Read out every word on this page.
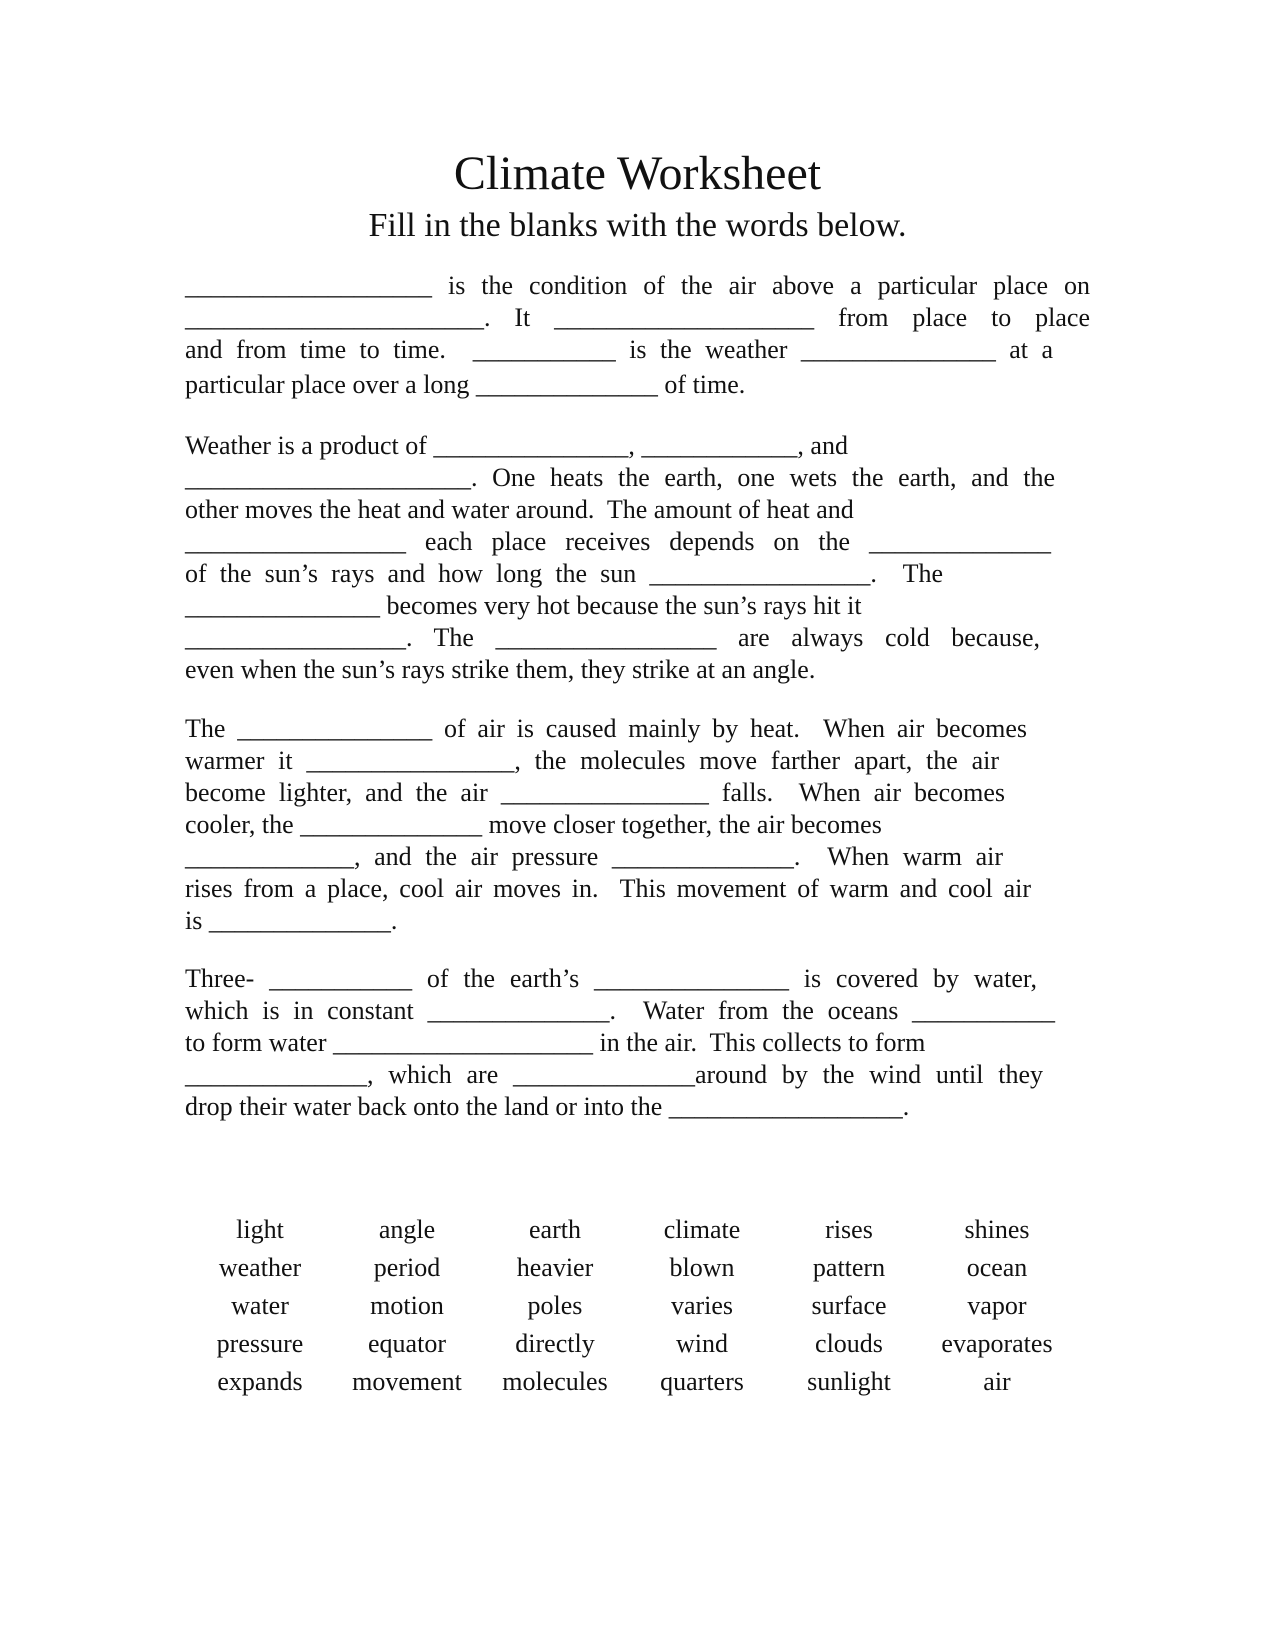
Climate Worksheet
Fill in the blanks with the words below.

___________________ is the condition of the air above a particular place on

_______________________. It ____________________ from place to place

and from time to time.  ___________ is the weather _______________ at a

particular place over a long ______________ of time.

Weather is a product of _______________, ____________, and

______________________. One heats the earth, one wets the earth, and the

other moves the heat and water around.  The amount of heat and

_________________ each place receives depends on the ______________

of the sun’s rays and how long the sun _________________.  The

_______________ becomes very hot because the sun’s rays hit it

_________________. The _________________ are always cold because,

even when the sun’s rays strike them, they strike at an angle.

The _______________ of air is caused mainly by heat.  When air becomes

warmer it ________________, the molecules move farther apart, the air

become lighter, and the air ________________ falls.  When air becomes

cooler, the ______________ move closer together, the air becomes

_____________, and the air pressure ______________.  When warm air

rises from a place, cool air moves in.  This movement of warm and cool air

is ______________.

Three- ___________ of the earth’s _______________ is covered by water,

which is in constant ______________.  Water from the oceans ___________

to form water ____________________ in the air.  This collects to form

______________, which are ______________around by the wind until they

drop their water back onto the land or into the __________________.

light	angle	earth	climate	rises	shines
weather	period	heavier	blown	pattern	ocean
water	motion	poles	varies	surface	vapor
pressure	equator	directly	wind	clouds	evaporates
expands	movement	molecules	quarters	sunlight	air
